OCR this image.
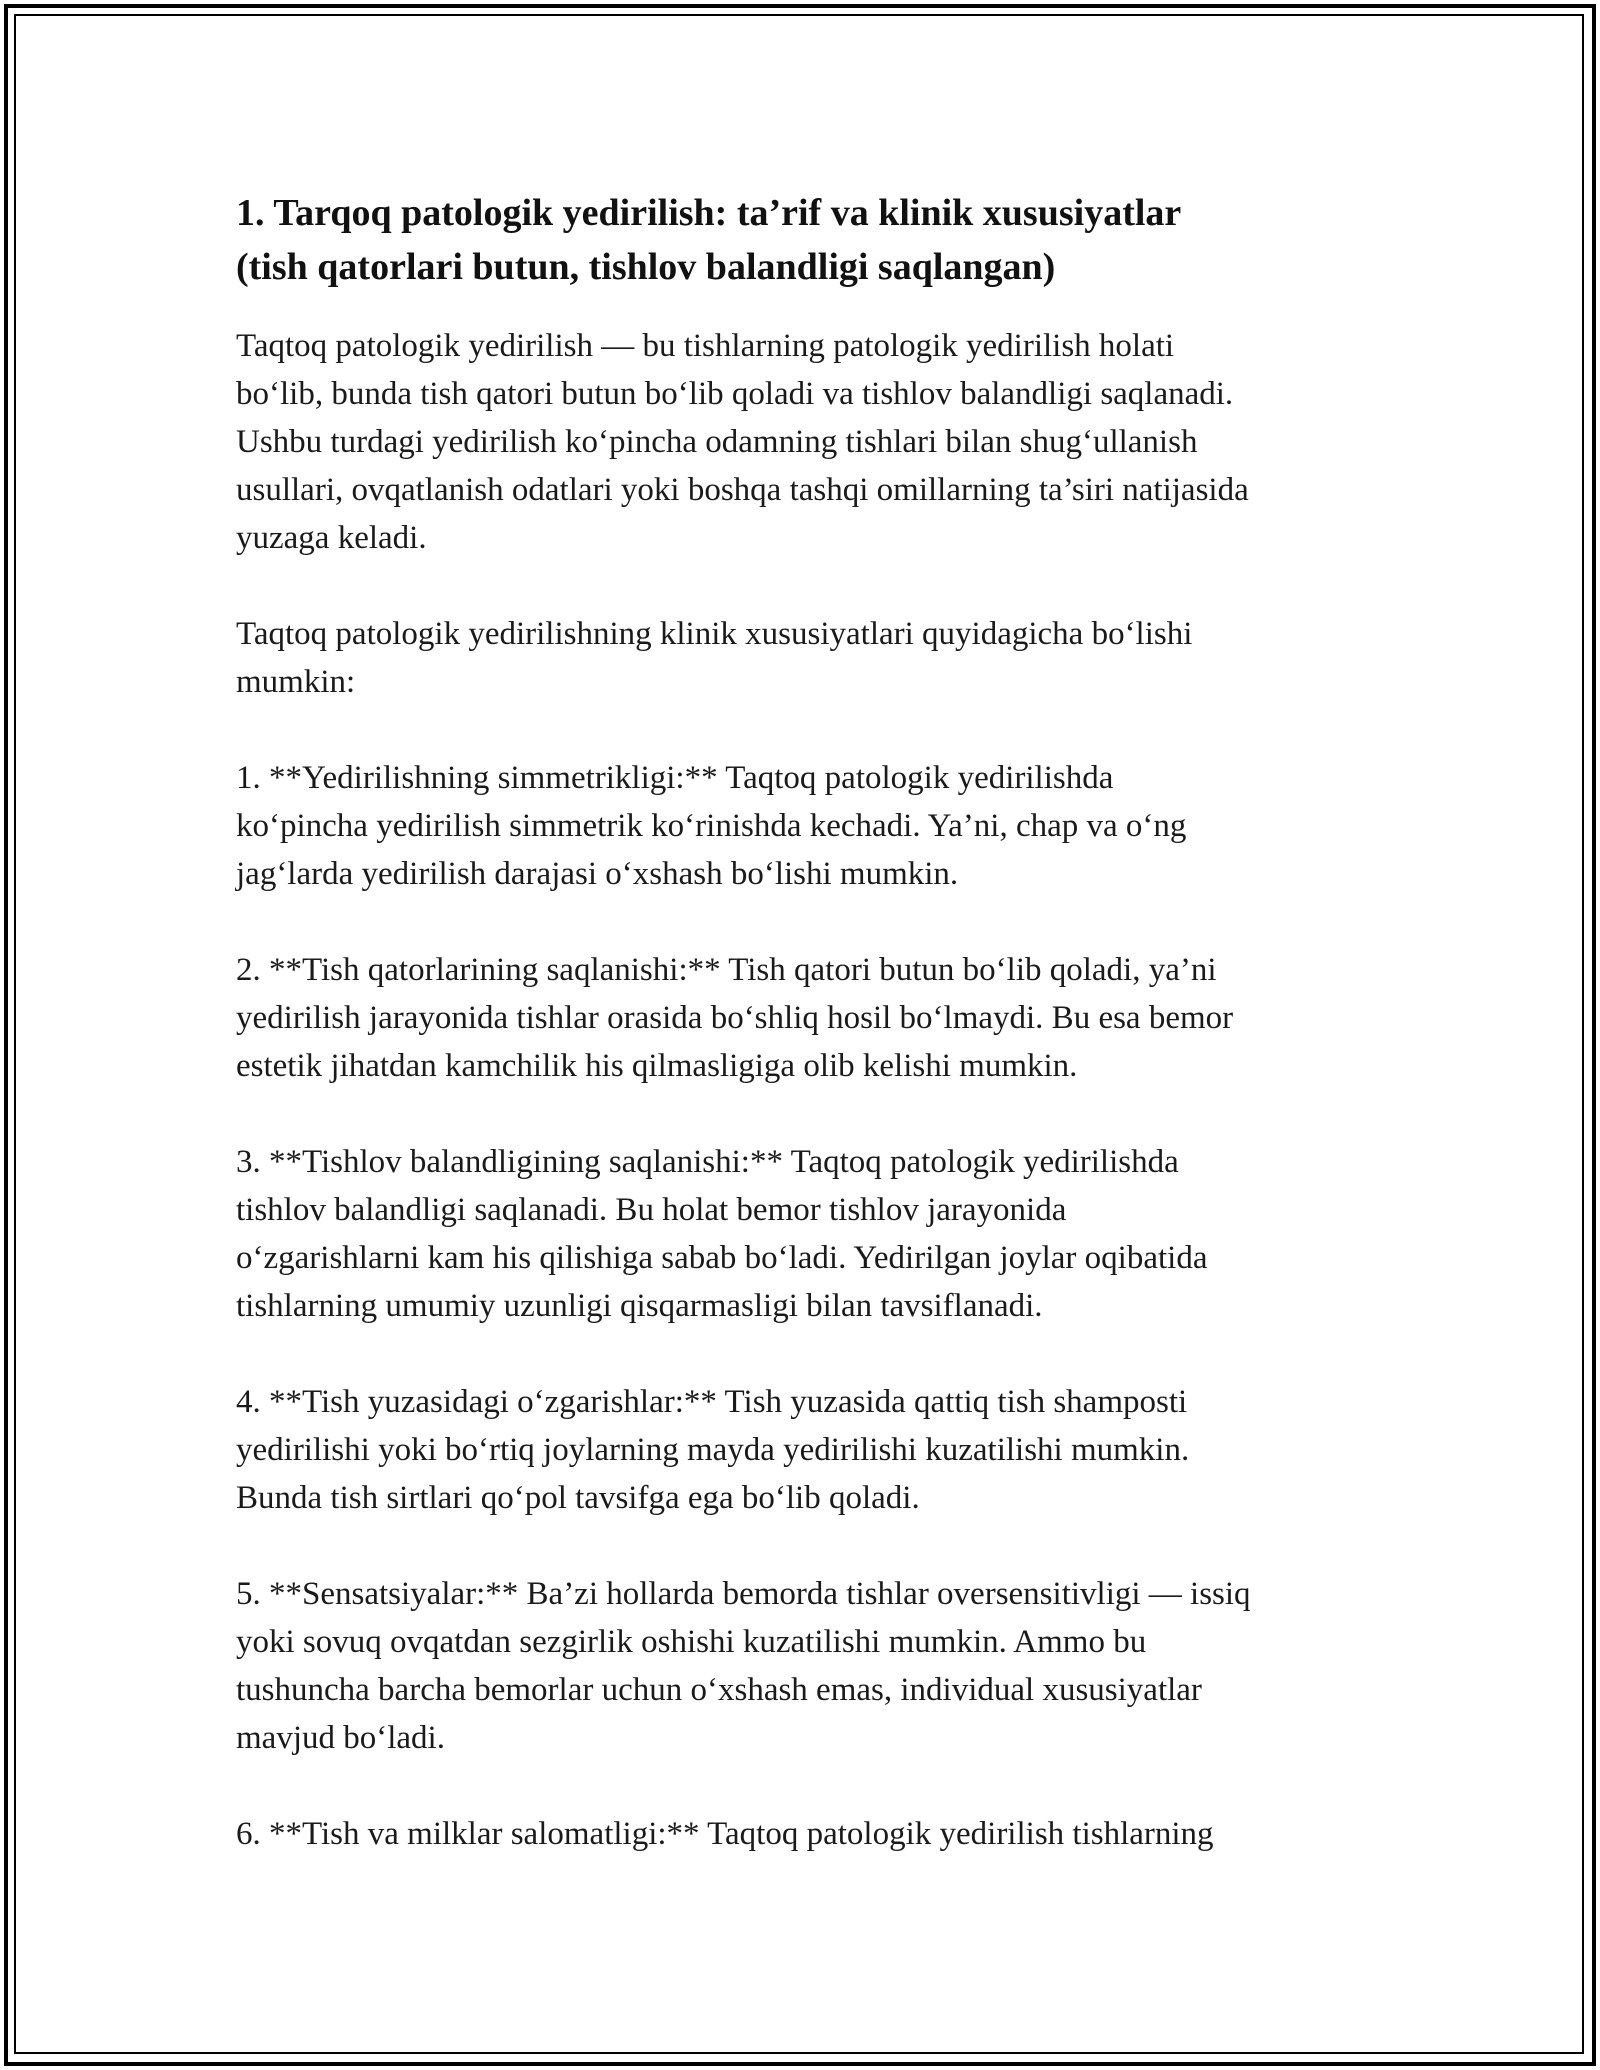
1. Tarqoq patologik yedirilish: ta’rif va klinik xususiyatlar
(tish qatorlari butun, tishlov balandligi saqlangan)

Taqtoq patologik yedirilish — bu tishlarning patologik yedirilish holati
bo‘lib, bunda tish qatori butun bo‘lib qoladi va tishlov balandligi saqlanadi.
Ushbu turdagi yedirilish ko‘pincha odamning tishlari bilan shug‘ullanish
usullari, ovqatlanish odatlari yoki boshqa tashqi omillarning ta’siri natijasida
yuzaga keladi.

Taqtoq patologik yedirilishning klinik xususiyatlari quyidagicha bo‘lishi
mumkin:

1. **Yedirilishning simmetrikligi:** Taqtoq patologik yedirilishda
ko‘pincha yedirilish simmetrik ko‘rinishda kechadi. Ya’ni, chap va o‘ng
jag‘larda yedirilish darajasi o‘xshash bo‘lishi mumkin.

2. **Tish qatorlarining saqlanishi:** Tish qatori butun bo‘lib qoladi, ya’ni
yedirilish jarayonida tishlar orasida bo‘shliq hosil bo‘lmaydi. Bu esa bemor
estetik jihatdan kamchilik his qilmasligiga olib kelishi mumkin.

3. **Tishlov balandligining saqlanishi:** Taqtoq patologik yedirilishda
tishlov balandligi saqlanadi. Bu holat bemor tishlov jarayonida
o‘zgarishlarni kam his qilishiga sabab bo‘ladi. Yedirilgan joylar oqibatida
tishlarning umumiy uzunligi qisqarmasligi bilan tavsiflanadi.

4. **Tish yuzasidagi o‘zgarishlar:** Tish yuzasida qattiq tish shamposti
yedirilishi yoki bo‘rtiq joylarning mayda yedirilishi kuzatilishi mumkin.
Bunda tish sirtlari qo‘pol tavsifga ega bo‘lib qoladi.

5. **Sensatsiyalar:** Ba’zi hollarda bemorda tishlar oversensitivligi — issiq
yoki sovuq ovqatdan sezgirlik oshishi kuzatilishi mumkin. Ammo bu
tushuncha barcha bemorlar uchun o‘xshash emas, individual xususiyatlar
mavjud bo‘ladi.

6. **Tish va milklar salomatligi:** Taqtoq patologik yedirilish tishlarning
